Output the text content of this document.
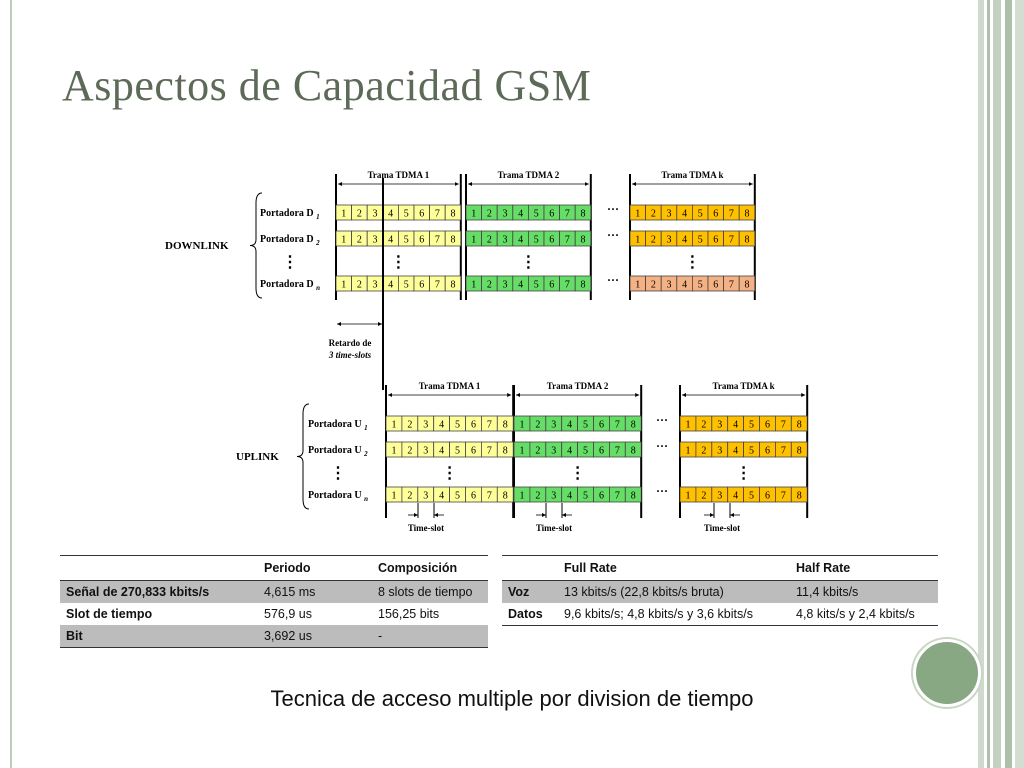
Aspectos de Capacidad GSM
Trama TDMA 1	Trama TDMA 2	Trama TDMA k
Portadora D $_1$ 1 2 3 4 5 6 7 8 1 2 3 4 5 6 7 8	1 2 3 4 5 6 7 8
···
Portadora D $_2$ 1 2 3 4 5 6 7 8 1 2 3 4 5 6 7 8	1 2 3 4 5 6 7 8
···
Portadora D $_n$ 1 2 3 4 5 6 7 8 1 2 3 4 5 6 7 8	1 2 3 4 5 6 7 8
···
⋮	⋮	⋮	⋮
DOWNLINK
Trama TDMA 1	Trama TDMA 2	Trama TDMA k
Portadora U $_1$ 1 2 3 4 5 6 7 8 1 2 3 4 5 6 7 8	1 2 3 4 5 6 7 8
···
Portadora U $_2$ 1 2 3 4 5 6 7 8 1 2 3 4 5 6 7 8	1 2 3 4 5 6 7 8
···
Portadora U $_n$ 1 2 3 4 5 6 7 8 1 2 3 4 5 6 7 8	1 2 3 4 5 6 7 8
···
⋮	⋮	⋮	⋮
UPLINK
Retardo de
3 time-slots
Time-slot	Time-slot	Time-slot
	Periodo	Composición
Señal de 270,833 kbits/s	4,615 ms	8 slots de tiempo
Slot de tiempo	576,9 us	156,25 bits
Bit	3,692 us	-
	Full Rate	Half Rate
Voz	13 kbits/s (22,8 kbits/s bruta)	11,4 kbits/s
Datos	9,6 kbits/s; 4,8 kbits/s y 3,6 kbits/s	4,8 kits/s y 2,4 kbits/s

Tecnica de acceso multiple por division de tiempo
